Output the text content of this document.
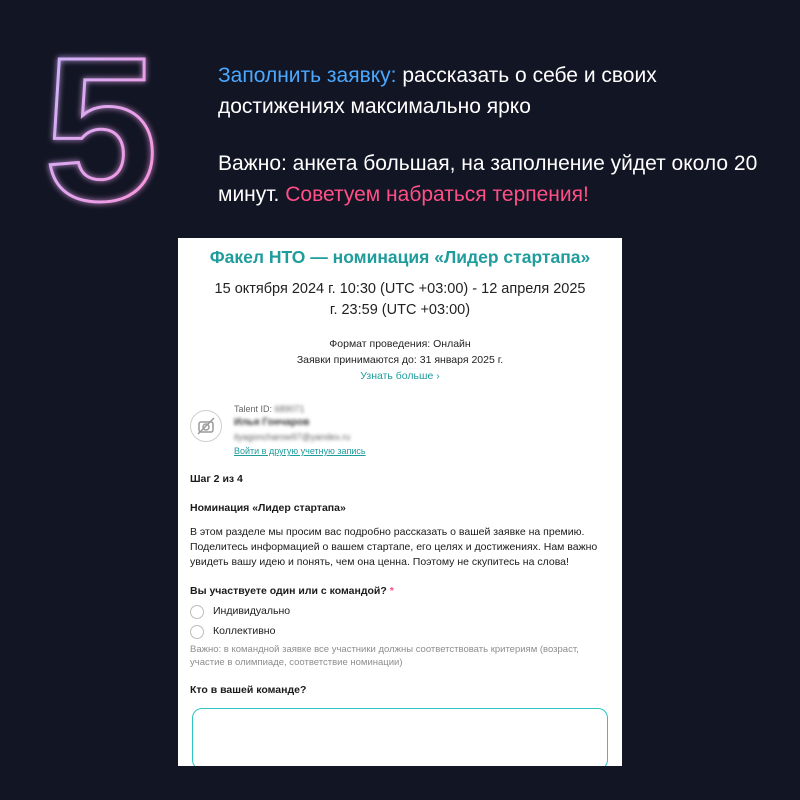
5	Заполнить заявку: рассказать о себе и своих достижениях максимально ярко

Важно: анкета большая, на заполнение уйдет около 20 минут. Советуем набраться терпения!

Факел НТО — номинация «Лидер стартапа»
15 октября 2024 г. 10:30 (UTC +03:00) - 12 апреля 2025 г. 23:59 (UTC +03:00)
Формат проведения: Онлайн
Заявки принимаются до: 31 января 2025 г.
Узнать больше ›
Talent ID: 689071
Илья Гончаров
ilyagoncharow97@yandex.ru
Войти в другую учетную запись
Шаг 2 из 4
Номинация «Лидер стартапа»
В этом разделе мы просим вас подробно рассказать о вашей заявке на премию. Поделитесь информацией о вашем стартапе, его целях и достижениях. Нам важно увидеть вашу идею и понять, чем она ценна. Поэтому не скупитесь на слова!
Вы участвуете один или с командой? *
Индивидуально
Коллективно
Важно: в командной заявке все участники должны соответствовать критериям (возраст, участие в олимпиаде, соответствие номинации)
Кто в вашей команде?
